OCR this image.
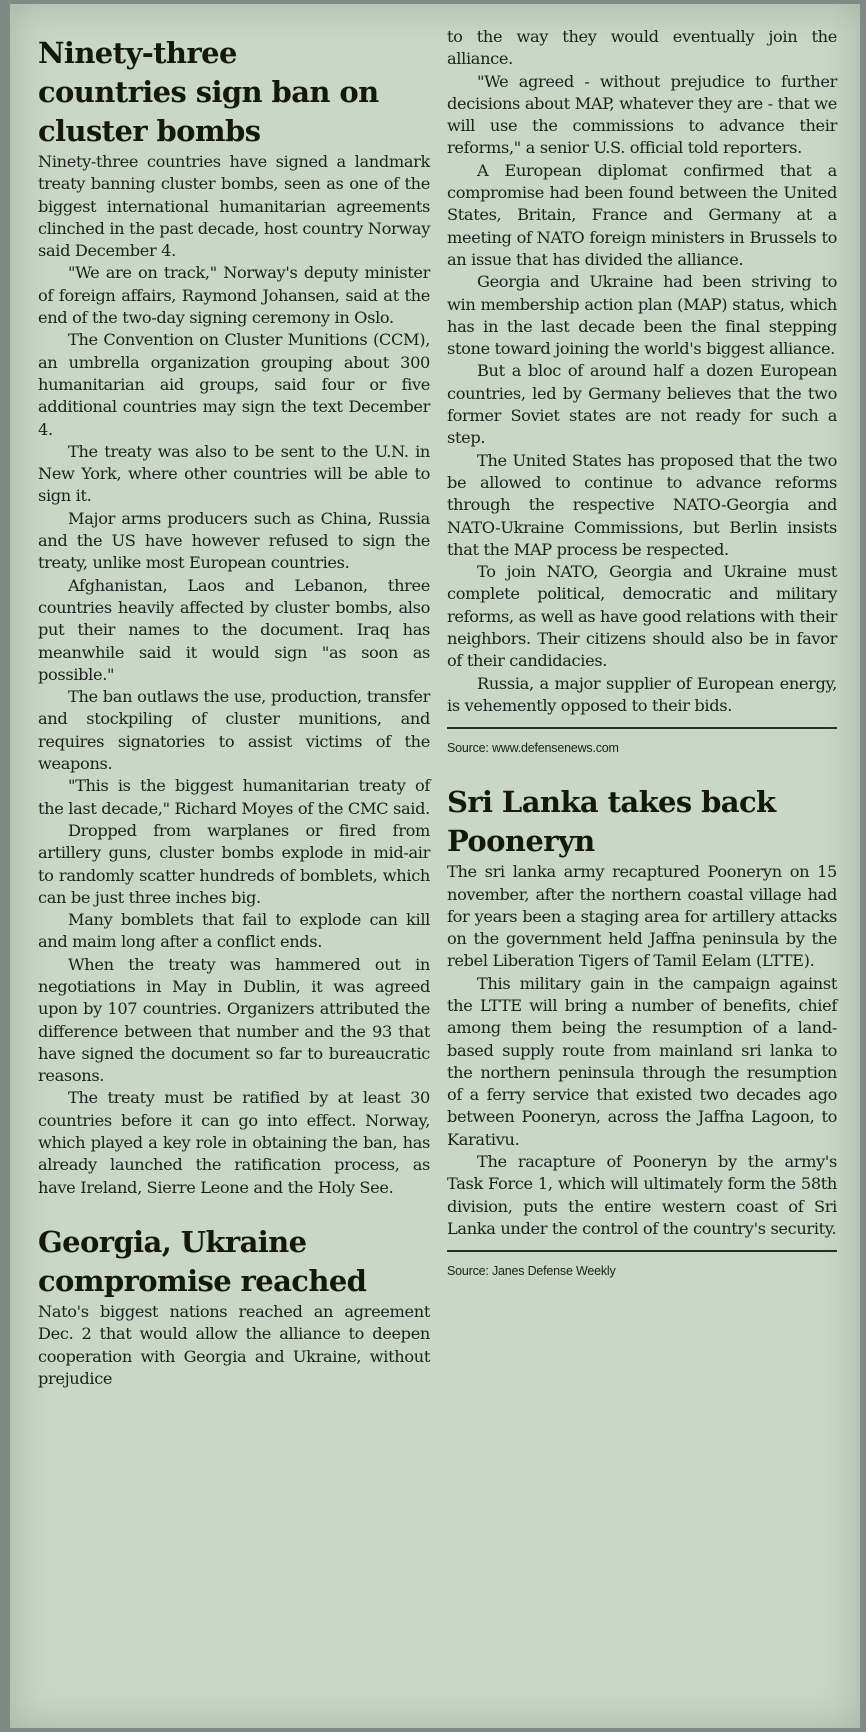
Ninety-three countries sign ban on cluster bombs

Ninety-three countries have signed a landmark treaty banning cluster bombs, seen as one of the biggest international humanitarian agreements clinched in the past decade, host country Norway said December 4.

"We are on track," Norway's deputy minister of foreign affairs, Raymond Johansen, said at the end of the two-day signing ceremony in Oslo.

The Convention on Cluster Munitions (CCM), an umbrella organization grouping about 300 humanitarian aid groups, said four or five additional countries may sign the text December 4.

The treaty was also to be sent to the U.N. in New York, where other countries will be able to sign it.

Major arms producers such as China, Russia and the US have however refused to sign the treaty, unlike most European countries.

Afghanistan, Laos and Lebanon, three countries heavily affected by cluster bombs, also put their names to the document. Iraq has meanwhile said it would sign "as soon as possible."

The ban outlaws the use, production, transfer and stockpiling of cluster munitions, and requires signatories to assist victims of the weapons.

"This is the biggest humanitarian treaty of the last decade," Richard Moyes of the CMC said.

Dropped from warplanes or fired from artillery guns, cluster bombs explode in mid-air to randomly scatter hundreds of bomblets, which can be just three inches big.

Many bomblets that fail to explode can kill and maim long after a conflict ends.

When the treaty was hammered out in negotiations in May in Dublin, it was agreed upon by 107 countries. Organizers attributed the difference between that number and the 93 that have signed the document so far to bureaucratic reasons.

The treaty must be ratified by at least 30 countries before it can go into effect. Norway, which played a key role in obtaining the ban, has already launched the ratification process, as have Ireland, Sierre Leone and the Holy See.

Georgia, Ukraine compromise reached

Nato's biggest nations reached an agreement Dec. 2 that would allow the alliance to deepen cooperation with Georgia and Ukraine, without prejudice

to the way they would eventually join the alliance.

"We agreed - without prejudice to further decisions about MAP, whatever they are - that we will use the commissions to advance their reforms," a senior U.S. official told reporters.

A European diplomat confirmed that a compromise had been found between the United States, Britain, France and Germany at a meeting of NATO foreign ministers in Brussels to an issue that has divided the alliance.

Georgia and Ukraine had been striving to win membership action plan (MAP) status, which has in the last decade been the final stepping stone toward joining the world's biggest alliance.

But a bloc of around half a dozen European countries, led by Germany believes that the two former Soviet states are not ready for such a step.

The United States has proposed that the two be allowed to continue to advance reforms through the respective NATO-Georgia and NATO-Ukraine Commissions, but Berlin insists that the MAP process be respected.

To join NATO, Georgia and Ukraine must complete political, democratic and military reforms, as well as have good relations with their neighbors. Their citizens should also be in favor of their candidacies.

Russia, a major supplier of European energy, is vehemently opposed to their bids.

Source: www.defensenews.com
Sri Lanka takes back Pooneryn

The sri lanka army recaptured Pooneryn on 15 november, after the northern coastal village had for years been a staging area for artillery attacks on the government held Jaffna peninsula by the rebel Liberation Tigers of Tamil Eelam (LTTE).

This military gain in the campaign against the LTTE will bring a number of benefits, chief among them being the resumption of a land-based supply route from mainland sri lanka to the northern peninsula through the resumption of a ferry service that existed two decades ago between Pooneryn, across the Jaffna Lagoon, to Karativu.

The racapture of Pooneryn by the army's Task Force 1, which will ultimately form the 58th division, puts the entire western coast of Sri Lanka under the control of the country's security.

Source: Janes Defense Weekly
